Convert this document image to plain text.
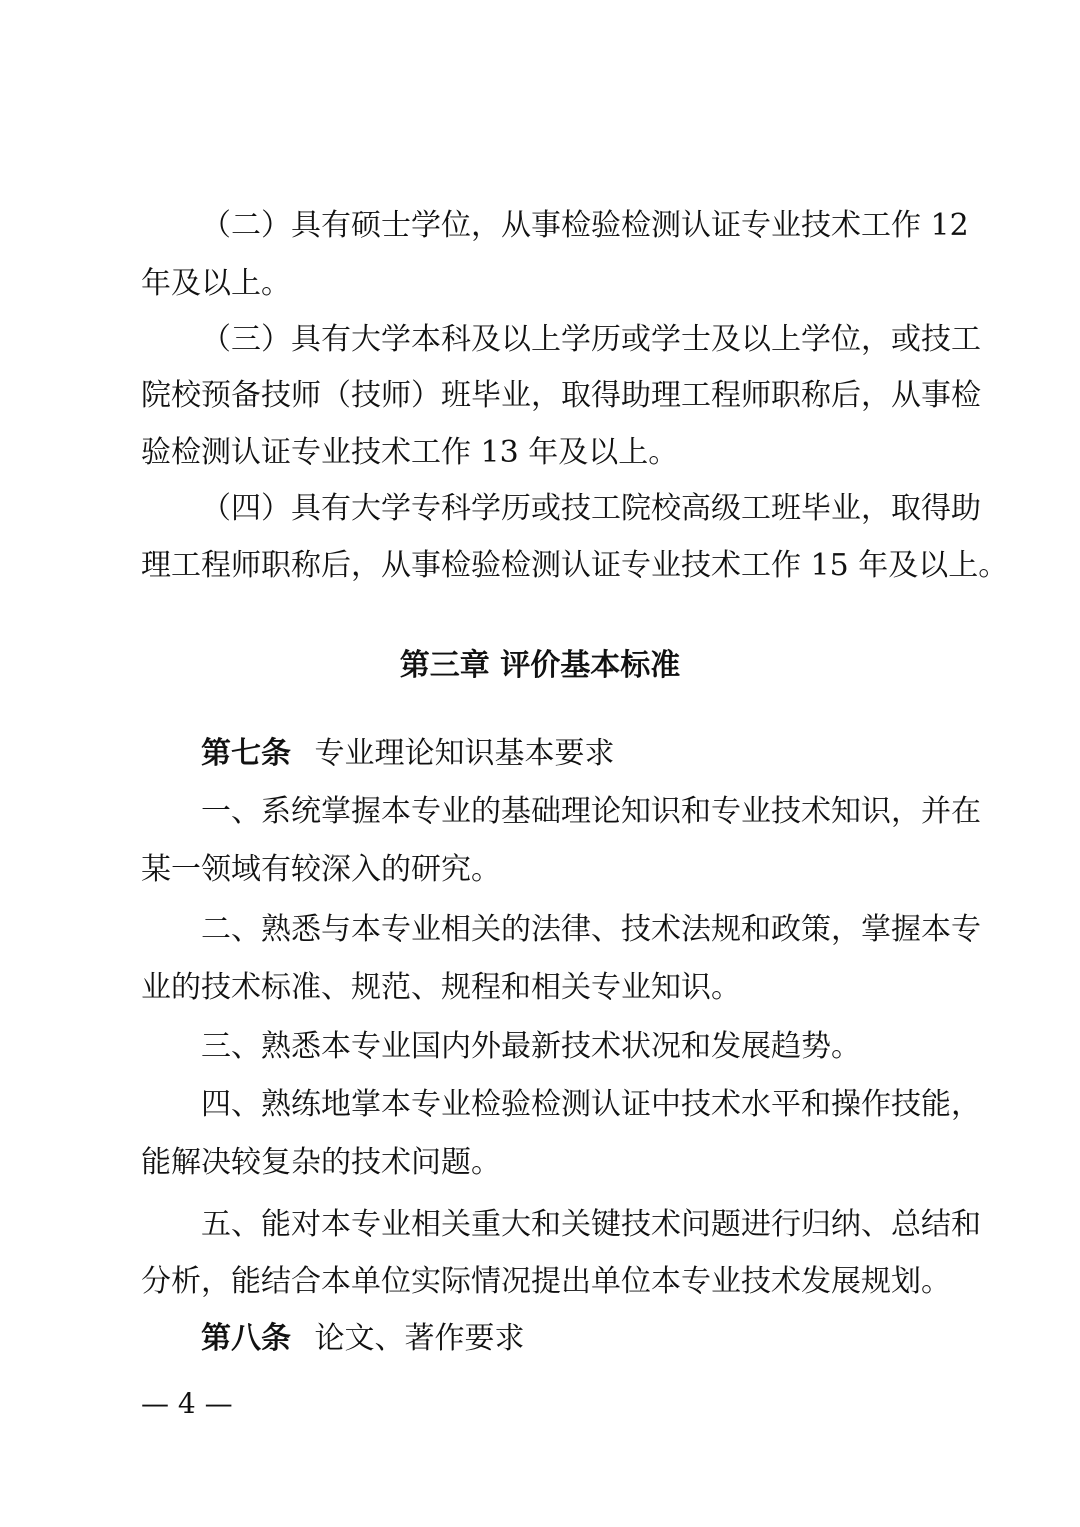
（二）具有硕士学位，从事检验检测认证专业技术工作 12
年及以上。
（三）具有大学本科及以上学历或学士及以上学位，或技工
院校预备技师（技师）班毕业，取得助理工程师职称后，从事检
验检测认证专业技术工作 13 年及以上。
（四）具有大学专科学历或技工院校高级工班毕业，取得助
理工程师职称后，从事检验检测认证专业技术工作 15 年及以上。
第三章 评价基本标准
第七条 专业理论知识基本要求
一、系统掌握本专业的基础理论知识和专业技术知识，并在
某一领域有较深入的研究。
二、熟悉与本专业相关的法律、技术法规和政策，掌握本专
业的技术标准、规范、规程和相关专业知识。
三、熟悉本专业国内外最新技术状况和发展趋势。
四、熟练地掌本专业检验检测认证中技术水平和操作技能，
能解决较复杂的技术问题。
五、能对本专业相关重大和关键技术问题进行归纳、总结和
分析，能结合本单位实际情况提出单位本专业技术发展规划。
第八条 论文、著作要求
— 4 —
